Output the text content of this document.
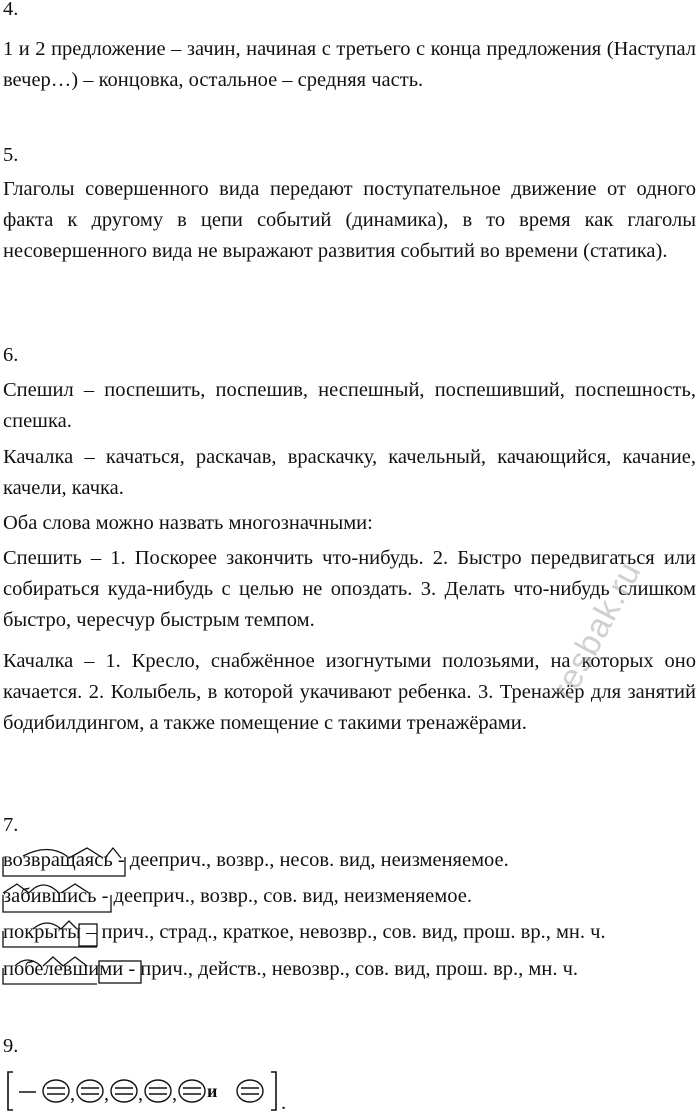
4.

1 и 2 предложение – зачин, начиная с третьего с конца предложения (Наступал вечер…) – концовка, остальное – средняя часть.

5.

Глаголы совершенного вида передают поступательное движение от одного факта к другому в цепи событий (динамика), в то время как глаголы несовершенного вида не выражают развития событий во времени (статика).

6.

Спешил – поспешить, поспешив, неспешный, поспешивший, поспешность, спешка.

Качалка – качаться, раскачав, враскачку, качельный, качающийся, качание, качели, качка.

Оба слова можно назвать многозначными:

Спешить – 1. Поскорее закончить что-нибудь. 2. Быстро передвигаться или собираться куда-нибудь с целью не опоздать. 3. Делать что-нибудь слишком быстро, чересчур быстрым темпом.

Качалка – 1. Кресло, снабжённое изогнутыми полозьями, на которых оно качается. 2. Колыбель, в которой укачивают ребенка. 3. Тренажёр для занятий бодибилдингом, а также помещение с такими тренажёрами.

resbak.ru
7.
возвращаясь
- дееприч., возвр., несов. вид, неизменяемое.
забившись
- дееприч., возвр., сов. вид, неизменяемое.
покрыты
– прич., страд., краткое, невозвр., сов. вид, прош. вр., мн. ч.
побелевшими
- прич., действ., невозвр., сов. вид, прош. вр., мн. ч.
9.
, , , , и
.
